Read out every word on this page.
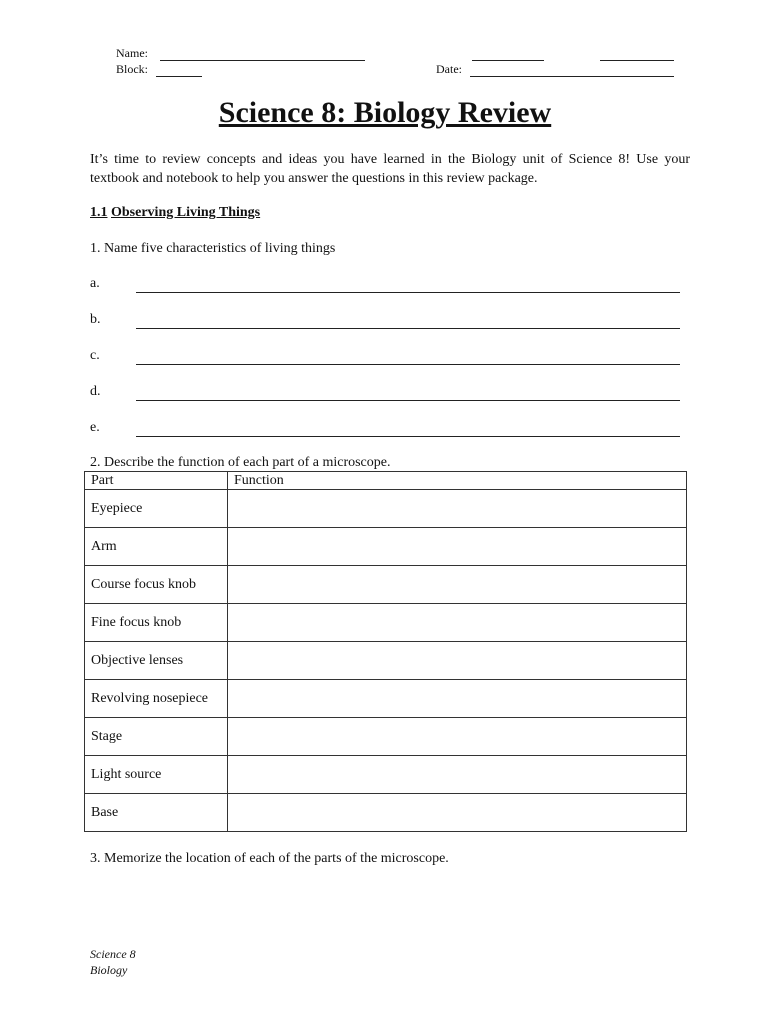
Name:
Block:	Date:
Science 8: Biology Review
It’s time to review concepts and ideas you have learned in the Biology unit of Science 8! Use your textbook and notebook to help you answer the questions in this review package.
1.1 Observing Living Things
1. Name five characteristics of living things
a.
b.
c.
d.
e.
2. Describe the function of each part of a microscope.
Part	Function
Eyepiece	
Arm	
Course focus knob	
Fine focus knob	
Objective lenses	
Revolving nosepiece	
Stage	
Light source	
Base	
3. Memorize the location of each of the parts of the microscope.
Science 8
Biology
